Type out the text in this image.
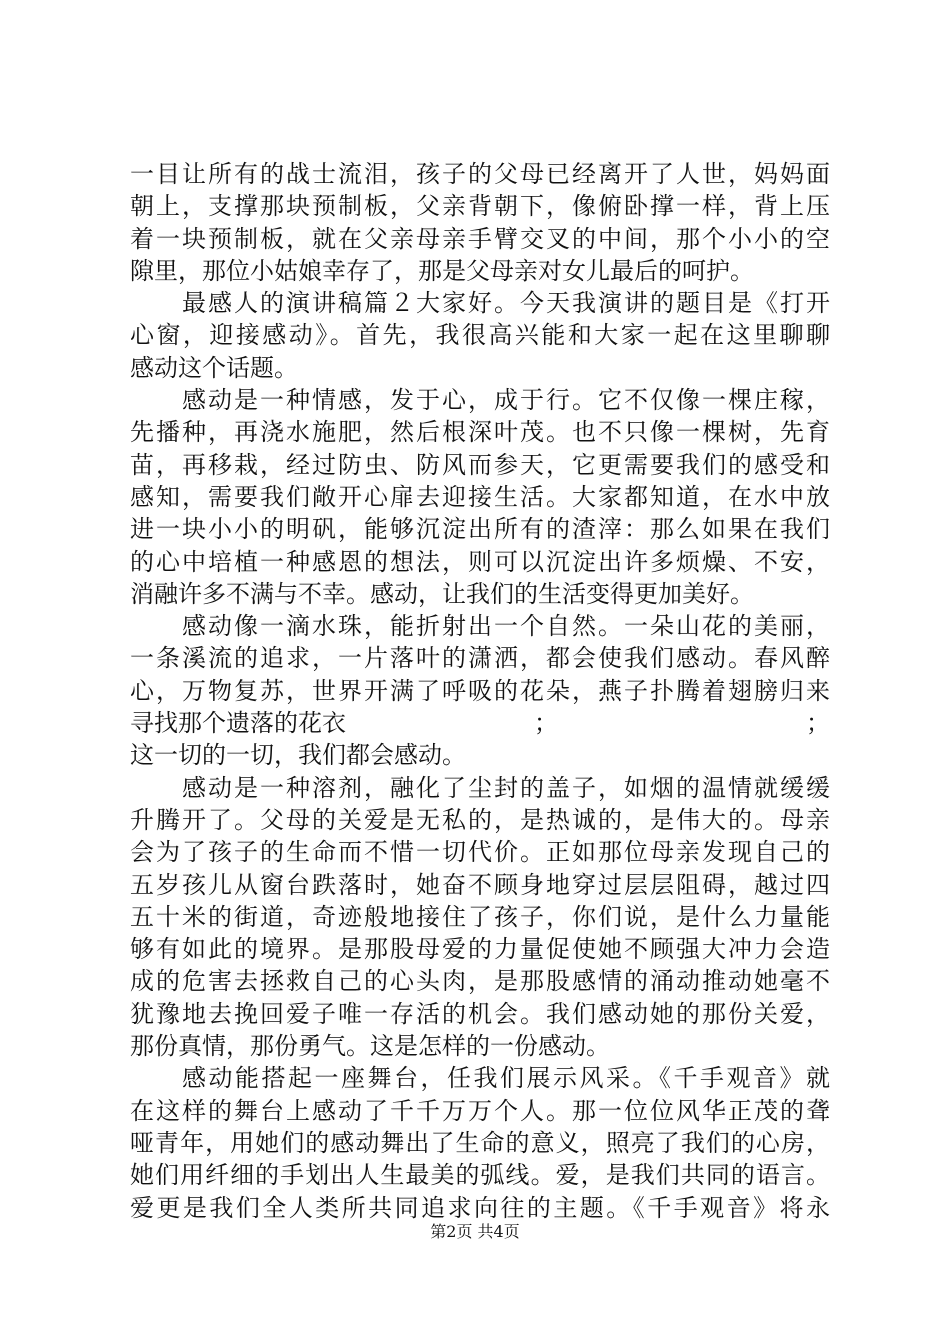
一目让所有的战士流泪，孩子的父母已经离开了人世，妈妈面
朝上，支撑那块预制板，父亲背朝下，像俯卧撑一样，背上压
着一块预制板，就在父亲母亲手臂交叉的中间，那个小小的空
隙里，那位小姑娘幸存了，那是父母亲对女儿最后的呵护。
最感人的演讲稿篇２大家好。今天我演讲的题目是《打开
心窗，迎接感动》。首先，我很高兴能和大家一起在这里聊聊
感动这个话题。
感动是一种情感，发于心，成于行。它不仅像一棵庄稼，
先播种，再浇水施肥，然后根深叶茂。也不只像一棵树，先育
苗，再移栽，经过防虫、防风而参天，它更需要我们的感受和
感知，需要我们敞开心扉去迎接生活。大家都知道，在水中放
进一块小小的明矾，能够沉淀出所有的渣滓：那么如果在我们
的心中培植一种感恩的想法，则可以沉淀出许多烦燥、不安，
消融许多不满与不幸。感动，让我们的生活变得更加美好。
感动像一滴水珠，能折射出一个自然。一朵山花的美丽，
一条溪流的追求，一片落叶的潇洒，都会使我们感动。春风醉
心，万物复苏，世界开满了呼吸的花朵，燕子扑腾着翅膀归来
寻找那个遗落的花衣	；	；
这一切的一切，我们都会感动。
感动是一种溶剂，融化了尘封的盖子，如烟的温情就缓缓
升腾开了。父母的关爱是无私的，是热诚的，是伟大的。母亲
会为了孩子的生命而不惜一切代价。正如那位母亲发现自己的
五岁孩儿从窗台跌落时，她奋不顾身地穿过层层阻碍，越过四
五十米的街道，奇迹般地接住了孩子，你们说，是什么力量能
够有如此的境界。是那股母爱的力量促使她不顾强大冲力会造
成的危害去拯救自己的心头肉，是那股感情的涌动推动她毫不
犹豫地去挽回爱子唯一存活的机会。我们感动她的那份关爱，
那份真情，那份勇气。这是怎样的一份感动。
感动能搭起一座舞台，任我们展示风采。《千手观音》就
在这样的舞台上感动了千千万万个人。那一位位风华正茂的聋
哑青年，用她们的感动舞出了生命的意义，照亮了我们的心房，
她们用纤细的手划出人生最美的弧线。爱，是我们共同的语言。
爱更是我们全人类所共同追求向往的主题。《千手观音》将永
第2页 共4页
